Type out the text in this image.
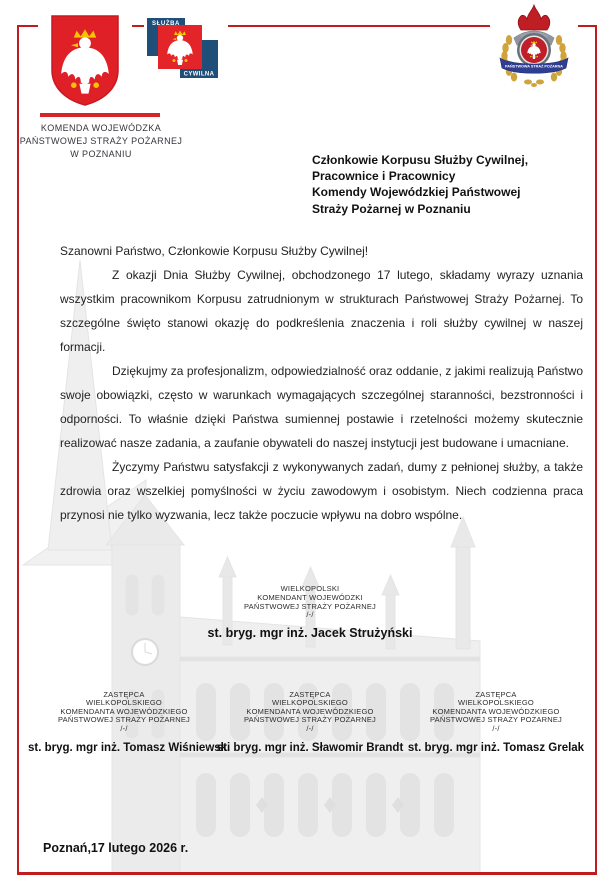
SŁUŻBA
CYWILNA
PAŃSTWOWA STRAŻ POŻARNA
KOMENDA WOJEWÓDZKA
PAŃSTWOWEJ STRAŻY POŻARNEJ
W POZNANIU	Członkowie Korpusu Służby Cywilnej,
Pracownice i Pracownicy
Komendy Wojewódzkiej Państwowej
Straży Pożarnej w Poznaniu

Szanowni Państwo, Członkowie Korpusu Służby Cywilnej!

Z okazji Dnia Służby Cywilnej, obchodzonego 17 lutego, składamy wyrazy uznania wszystkim pracownikom Korpusu zatrudnionym w strukturach Państwowej Straży Pożarnej. To szczególne święto stanowi okazję do podkreślenia znaczenia i roli służby cywilnej w naszej formacji.

Dziękujmy za profesjonalizm, odpowiedzialność oraz oddanie, z jakimi realizują Państwo swoje obowiązki, często w warunkach wymagających szczególnej staranności, bezstronności i odporności. To właśnie dzięki Państwa sumiennej postawie i rzetelności możemy skutecznie realizować nasze zadania, a zaufanie obywateli do naszej instytucji jest budowane i umacniane.

Życzymy Państwu satysfakcji z wykonywanych zadań, dumy z pełnionej służby, a także zdrowia oraz wszelkiej pomyślności w życiu zawodowym i osobistym. Niech codzienna praca przynosi nie tylko wyzwania, lecz także poczucie wpływu na dobro wspólne.

WIELKOPOLSKI
KOMENDANT WOJEWÓDZKI
PAŃSTWOWEJ STRAŻY POŻARNEJ
/-/
st. bryg. mgr inż. Jacek Strużyński
ZASTĘPCA
WIELKOPOLSKIEGO
KOMENDANTA WOJEWÓDZKIEGO
PAŃSTWOWEJ STRAŻY POŻARNEJ
/-/
st. bryg. mgr inż. Tomasz Wiśniewski
ZASTĘPCA
WIELKOPOLSKIEGO
KOMENDANTA WOJEWÓDZKIEGO
PAŃSTWOWEJ STRAŻY POŻARNEJ
/-/
st. bryg. mgr inż. Sławomir Brandt
ZASTĘPCA
WIELKOPOLSKIEGO
KOMENDANTA WOJEWÓDZKIEGO
PAŃSTWOWEJ STRAŻY POŻARNEJ
/-/
st. bryg. mgr inż. Tomasz Grelak
Poznań,17 lutego 2026 r.
